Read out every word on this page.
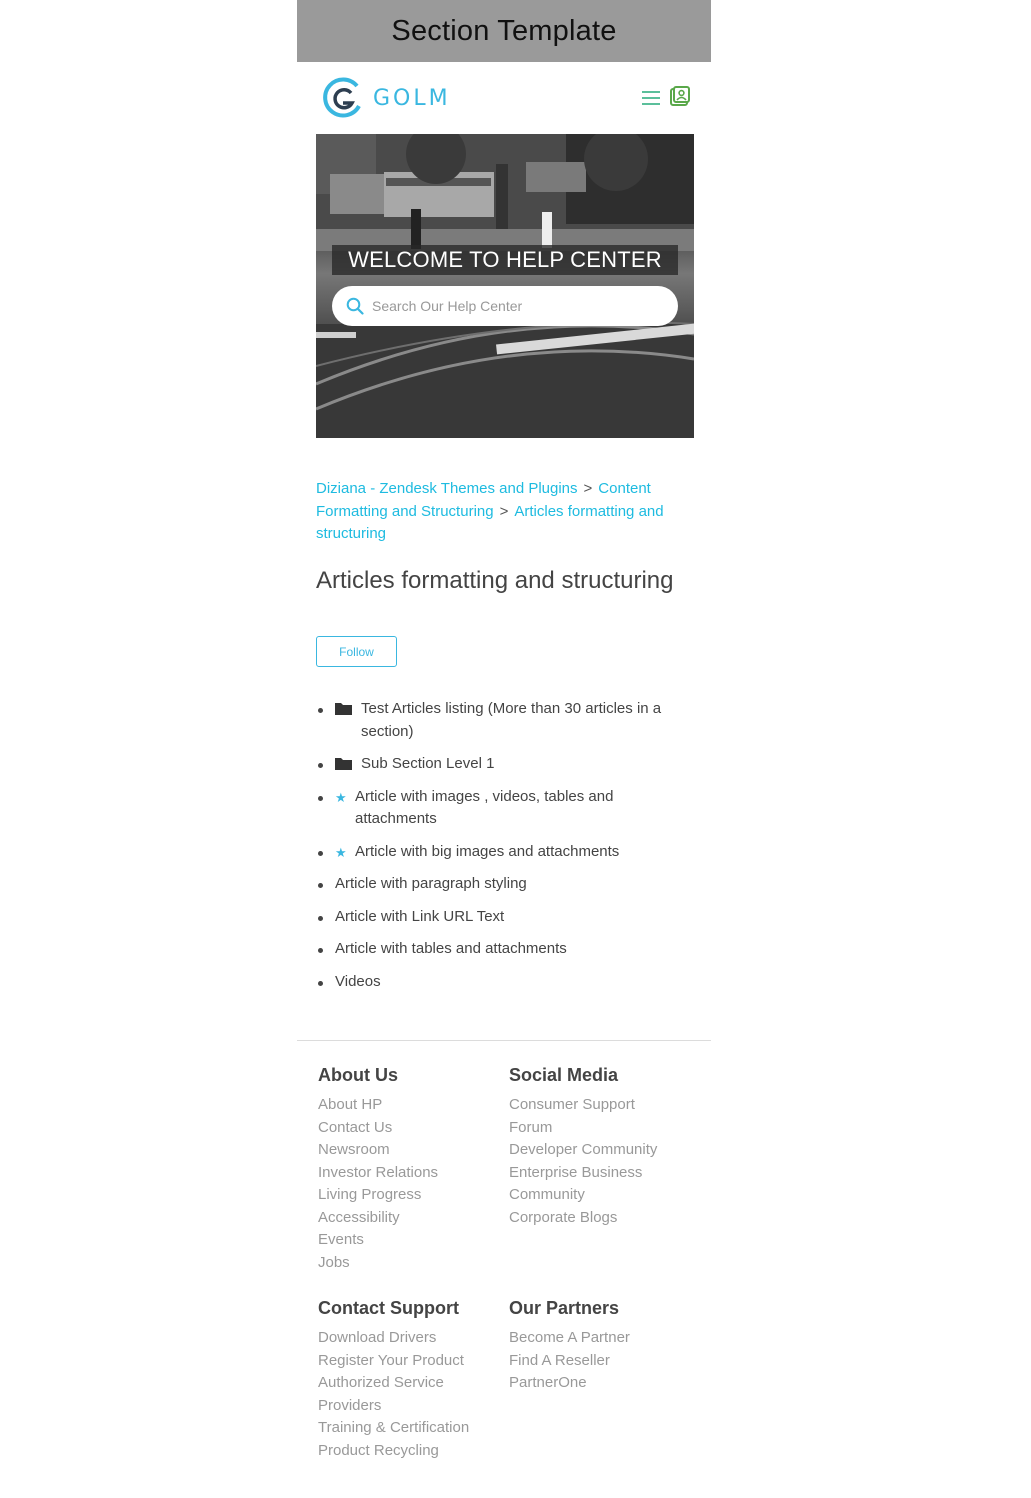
Section Template
GOLM
WELCOME TO HELP CENTER
Search Our Help Center
Diziana - Zendesk Themes and Plugins > Content Formatting and Structuring > Articles formatting and structuring
Articles formatting and structuring
Follow
Test Articles listing (More than 30 articles in a section)
Sub Section Level 1
★ Article with images , videos, tables and attachments
★ Article with big images and attachments
Article with paragraph styling
Article with Link URL Text
Article with tables and attachments
Videos
About Us
About HP
Contact Us
Newsroom
Investor Relations
Living Progress
Accessibility
Events
Jobs
Social Media
Consumer Support
Forum
Developer Community
Enterprise Business
Community
Corporate Blogs
Contact Support
Download Drivers
Register Your Product
Authorized Service
Providers
Training & Certification
Product Recycling
Our Partners
Become A Partner
Find A Reseller
PartnerOne
